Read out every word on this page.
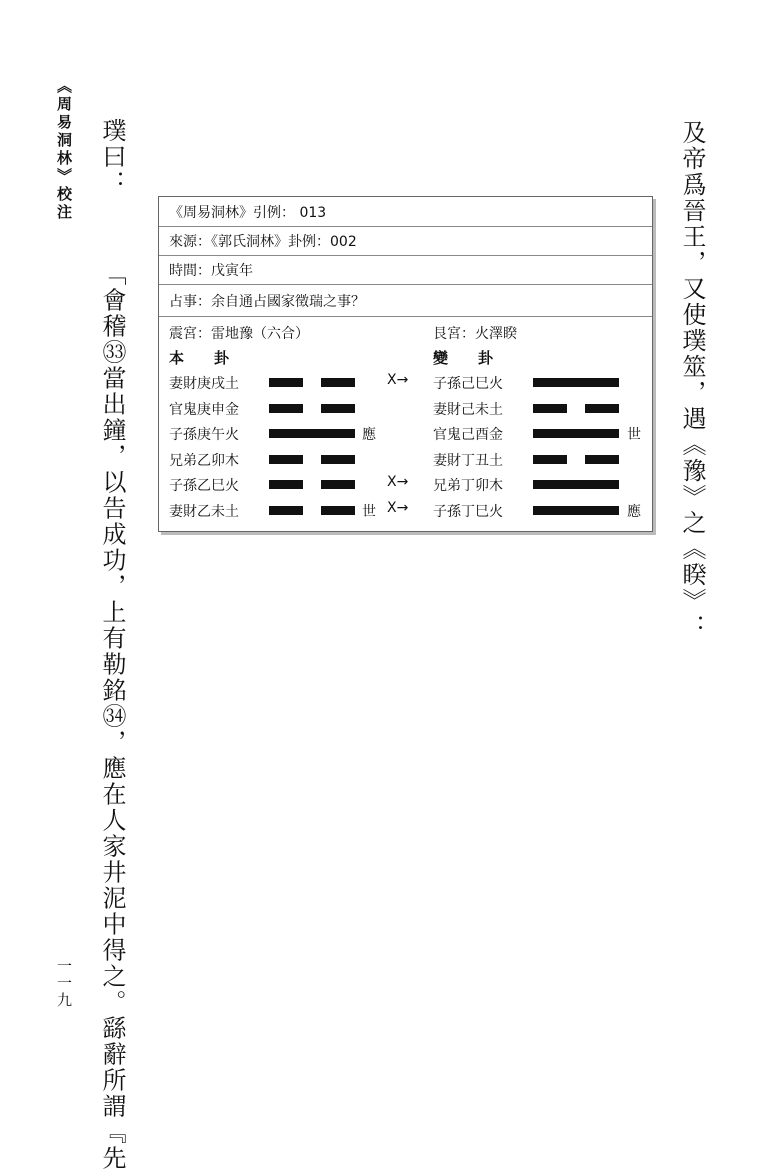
《周易洞林》校注
一一九
及帝爲晉王，又使璞筮，遇《豫》之《睽》：
璞曰：  「會稽㉝當出鐘，以告成功，上有勒銘㉞，應在人家井泥中得之。繇辭所謂『先
《周易洞林》引例： 013
來源：《郭氏洞林》卦例：002
時間：戊寅年
占事：余自通占國家徵瑞之事？
震宮：雷地豫（六合）	艮宮：火澤睽
本　　卦	變　　卦
妻財庚戌土	X→ 子孫己巳火
官鬼庚申金	妻財己未土
子孫庚午火	應	官鬼己酉金	世
兄弟乙卯木	妻財丁丑土
子孫乙巳火	X→ 兄弟丁卯木
妻財乙未土	世 X→ 子孫丁巳火	應
